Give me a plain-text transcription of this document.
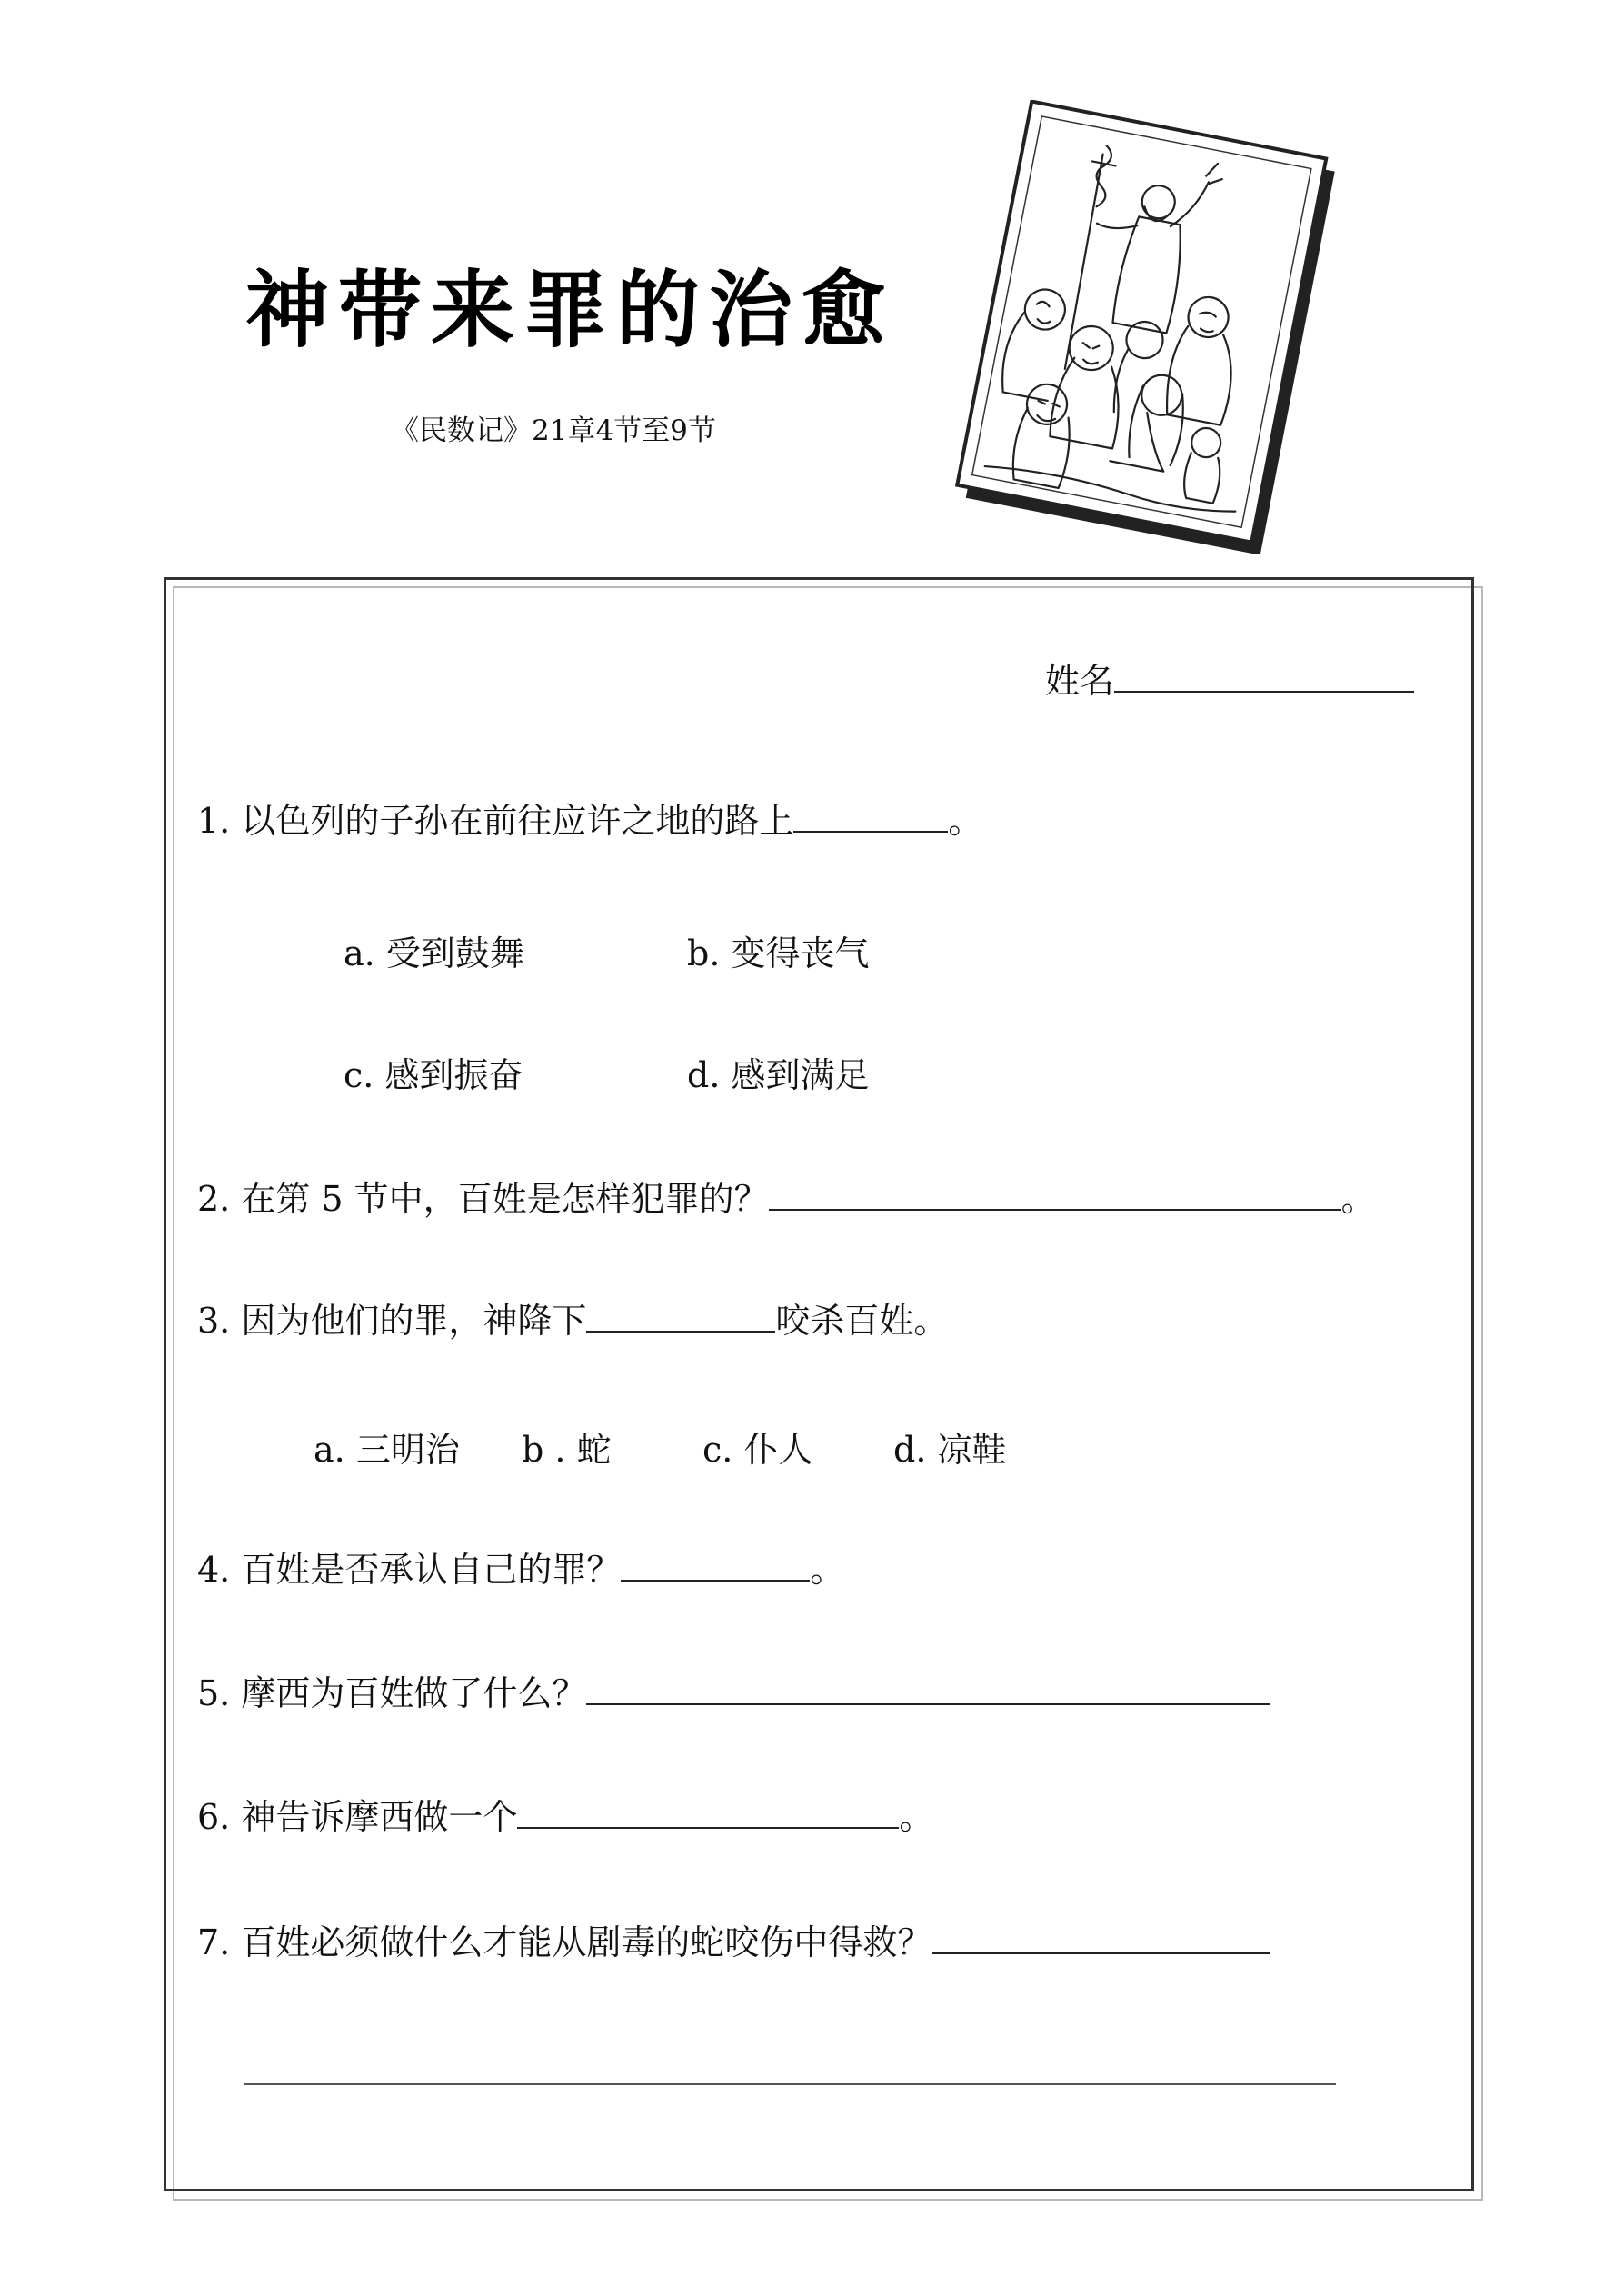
神带来罪的治愈
《民数记》21章4节至9节
姓名
1. 以色列的子孙在前往应许之地的路上	。
a. 受到鼓舞	b. 变得丧气
c. 感到振奋	d. 感到满足
2. 在第 5 节中，百姓是怎样犯罪的？	。
3. 因为他们的罪，神降下	咬杀百姓。
a. 三明治 b . 蛇	c. 仆人 d. 凉鞋
4. 百姓是否承认自己的罪？	。
5. 摩西为百姓做了什么？
6. 神告诉摩西做一个	。
7. 百姓必须做什么才能从剧毒的蛇咬伤中得救？
